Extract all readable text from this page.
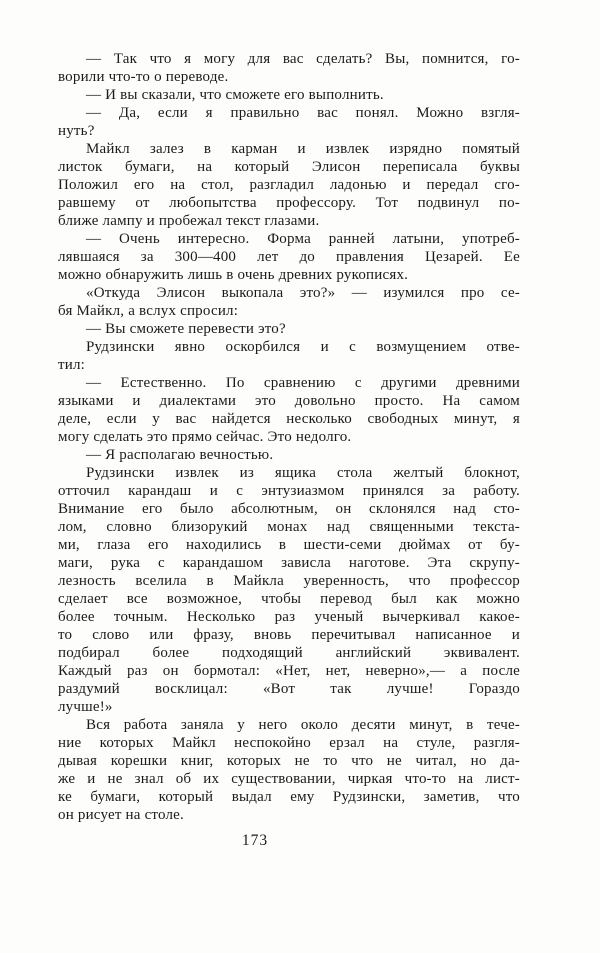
— Так что я могу для вас сделать? Вы, помнится, го-
ворили что-то о переводе.
— И вы сказали, что сможете его выполнить.
— Да, если я правильно вас понял. Можно взгля-
нуть?
Майкл залез в карман и извлек изрядно помятый
листок бумаги, на который Элисон переписала буквы
Положил его на стол, разгладил ладонью и передал сго-
равшему от любопытства профессору. Тот подвинул по-
ближе лампу и пробежал текст глазами.
— Очень интересно. Форма ранней латыни, употреб-
лявшаяся за 300—400 лет до правления Цезарей. Ее
можно обнаружить лишь в очень древних рукописях.
«Откуда Элисон выкопала это?» — изумился про се-
бя Майкл, а вслух спросил:
— Вы сможете перевести это?
Рудзински явно оскорбился и с возмущением отве-
тил:
— Естественно. По сравнению с другими древними
языками и диалектами это довольно просто. На самом
деле, если у вас найдется несколько свободных минут, я
могу сделать это прямо сейчас. Это недолго.
— Я располагаю вечностью.
Рудзински извлек из ящика стола желтый блокнот,
отточил карандаш и с энтузиазмом принялся за работу.
Внимание его было абсолютным, он склонялся над сто-
лом, словно близорукий монах над священными текста-
ми, глаза его находились в шести-семи дюймах от бу-
маги, рука с карандашом зависла наготове. Эта скрупу-
лезность вселила в Майкла уверенность, что профессор
сделает все возможное, чтобы перевод был как можно
более точным. Несколько раз ученый вычеркивал какое-
то слово или фразу, вновь перечитывал написанное и
подбирал более подходящий английский эквивалент.
Каждый раз он бормотал: «Нет, нет, неверно»,— а после
раздумий восклицал: «Вот так лучше! Гораздо
лучше!»
Вся работа заняла у него около десяти минут, в тече-
ние которых Майкл неспокойно ерзал на стуле, разгля-
дывая корешки книг, которых не то что не читал, но да-
же и не знал об их существовании, чиркая что-то на лист-
ке бумаги, который выдал ему Рудзински, заметив, что
он рисует на столе.
173
